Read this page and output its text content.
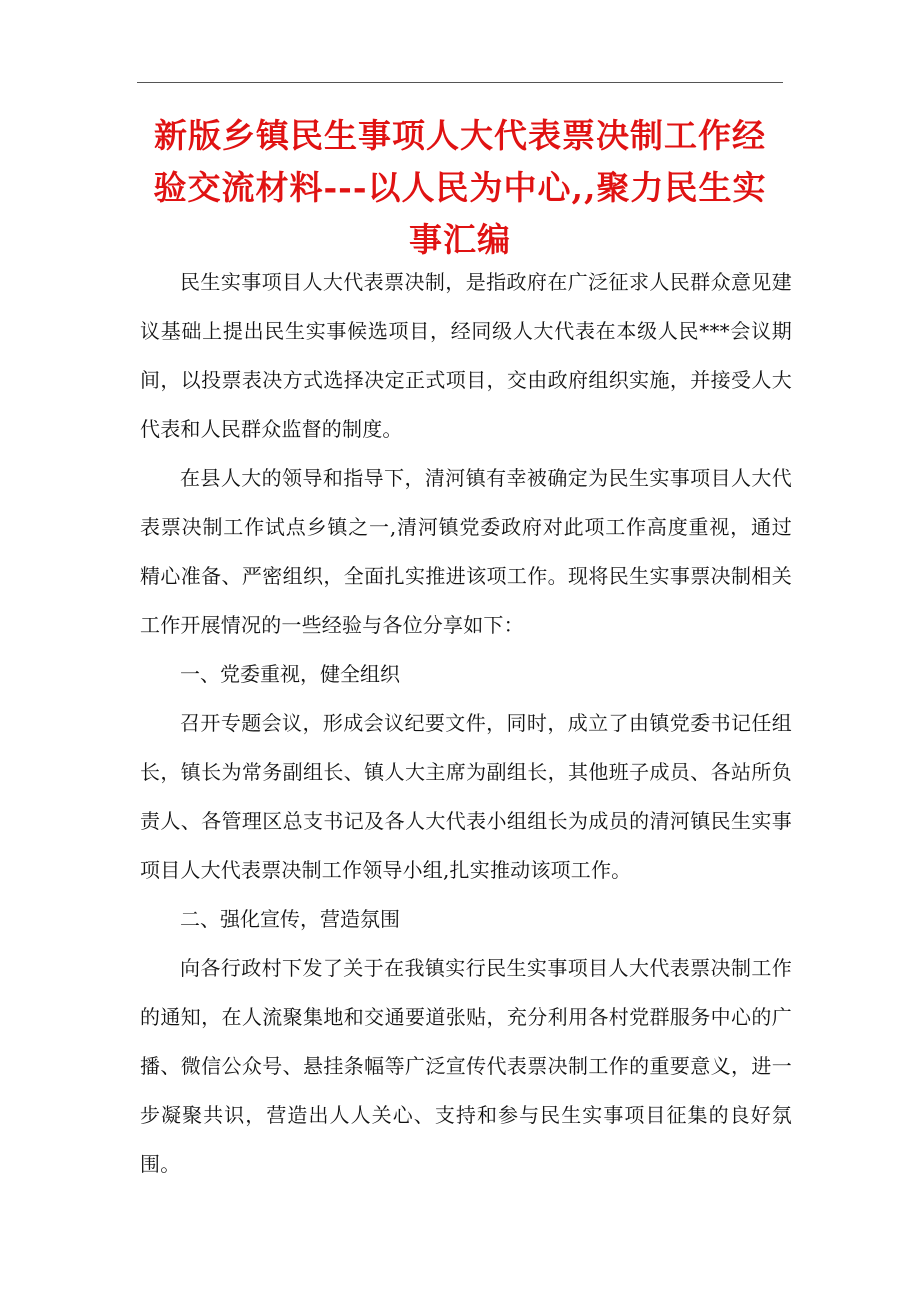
新版乡镇民生事项人大代表票决制工作经验交流材料---以人民为中心,,聚力民生实事汇编

民生实事项目人大代表票决制，是指政府在广泛征求人民群众意见建议基础上提出民生实事候选项目，经同级人大代表在本级人民***会议期间，以投票表决方式选择决定正式项目，交由政府组织实施，并接受人大代表和人民群众监督的制度。

在县人大的领导和指导下，清河镇有幸被确定为民生实事项目人大代表票决制工作试点乡镇之一,清河镇党委政府对此项工作高度重视，通过精心准备、严密组织，全面扎实推进该项工作。现将民生实事票决制相关工作开展情况的一些经验与各位分享如下：

一、党委重视，健全组织

召开专题会议，形成会议纪要文件，同时，成立了由镇党委书记任组长，镇长为常务副组长、镇人大主席为副组长，其他班子成员、各站所负责人、各管理区总支书记及各人大代表小组组长为成员的清河镇民生实事项目人大代表票决制工作领导小组,扎实推动该项工作。

二、强化宣传，营造氛围

向各行政村下发了关于在我镇实行民生实事项目人大代表票决制工作的通知，在人流聚集地和交通要道张贴，充分利用各村党群服务中心的广播、微信公众号、悬挂条幅等广泛宣传代表票决制工作的重要意义，进一步凝聚共识，营造出人人关心、支持和参与民生实事项目征集的良好氛围。
